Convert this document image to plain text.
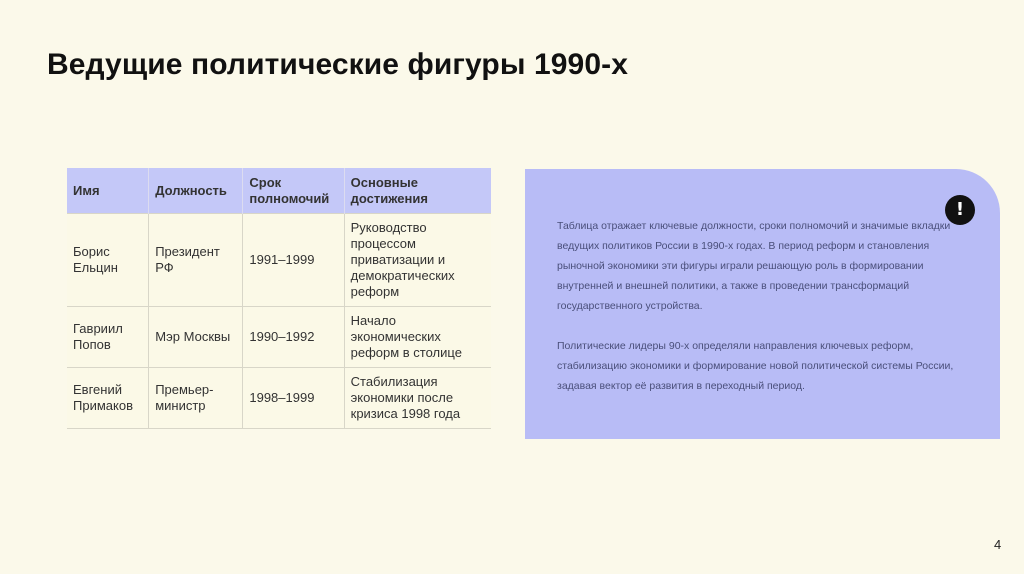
Ведущие политические фигуры 1990-х
Имя	Должность	Срок полномочий	Основные достижения
Борис Ельцин	Президент РФ	1991–1999	Руководство процессом приватизации и демократических реформ
Гавриил Попов	Мэр Москвы	1990–1992	Начало экономических реформ в столице
Евгений Примаков	Премьер-министр	1998–1999	Стабилизация экономики после кризиса 1998 года

Таблица отражает ключевые должности, сроки полномочий и значимые вкладки ведущих политиков России в 1990-х годах. В период реформ и становления рыночной экономики эти фигуры играли решающую роль в формировании внутренней и внешней политики, а также в проведении трансформаций государственного устройства.

Политические лидеры 90-х определяли направления ключевых реформ, стабилизацию экономики и формирование новой политической системы России, задавая вектор её развития в переходный период.

!
4
